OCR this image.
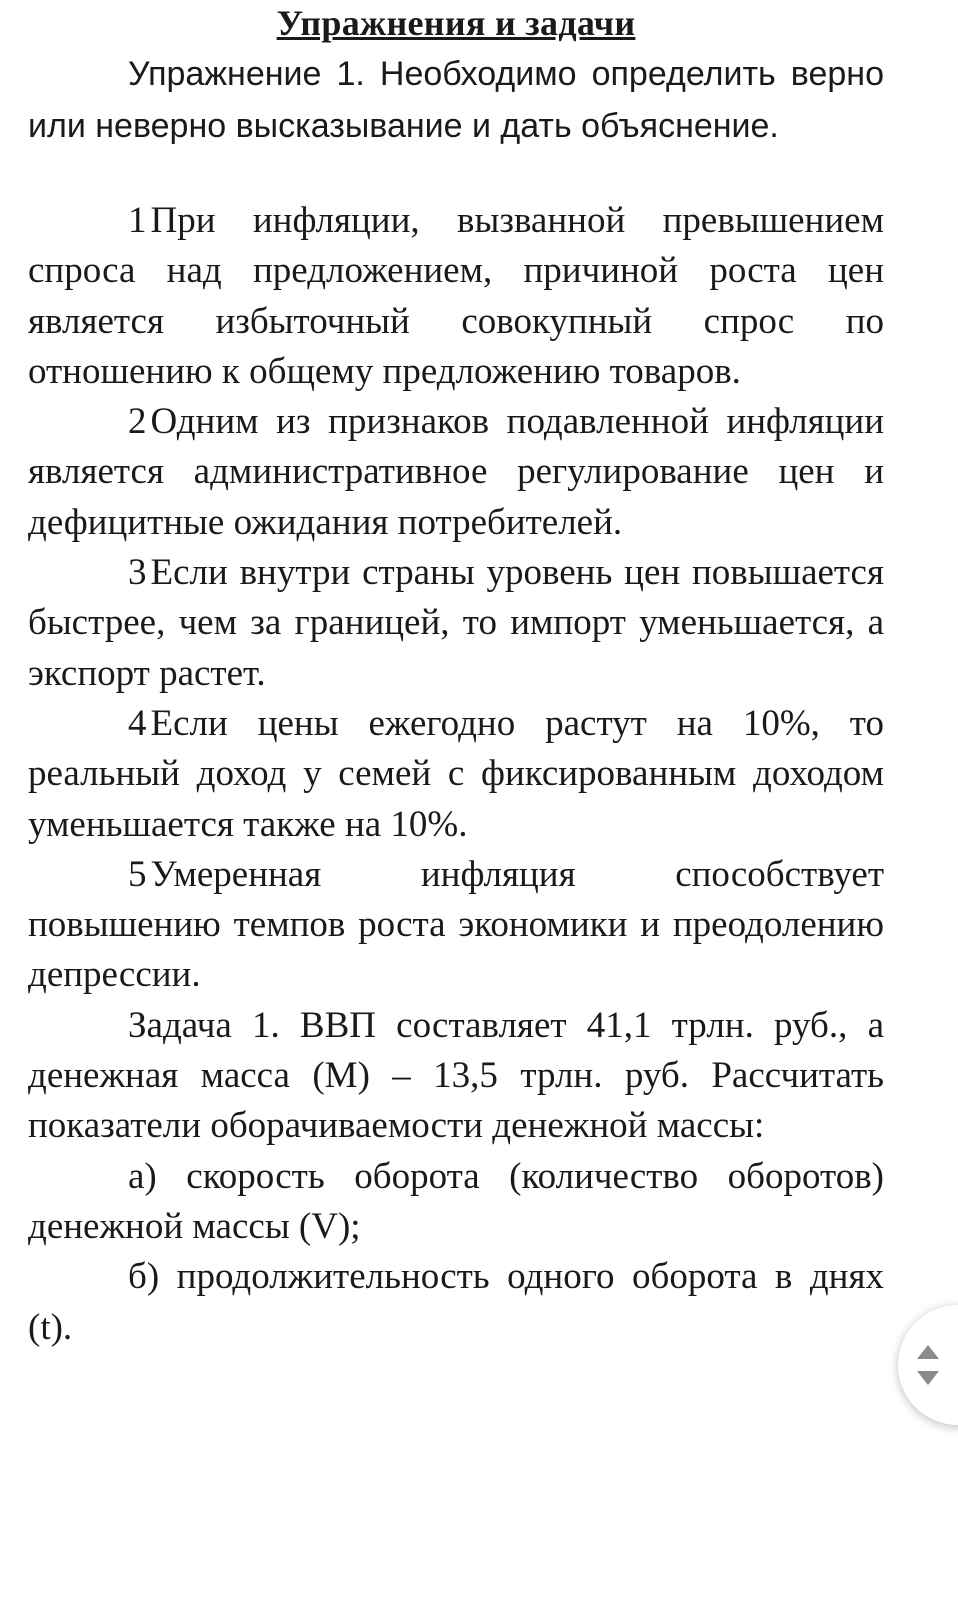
Упражнения и задачи

Упражнение 1. Необходимо определить верно или неверно высказывание и дать объяснение.

1 При инфляции, вызванной превышением спроса над предложением, причиной роста цен является избыточный совокупный спрос по отношению к общему предложению товаров.

2 Одним из признаков подавленной инфляции является административное регулирование цен и дефицитные ожидания потребителей.

3 Если внутри страны уровень цен повышается быстрее, чем за границей, то импорт уменьшается, а экспорт растет.

4 Если цены ежегодно растут на 10%, то реальный доход у семей с фиксированным доходом уменьшается также на 10%.

5 Умеренная инфляция способствует повышению темпов роста экономики и преодолению депрессии.

Задача 1. ВВП составляет 41,1 трлн. руб., а денежная масса (М) – 13,5 трлн. руб. Рассчитать показатели оборачиваемости денежной массы:

а) скорость оборота (количество оборотов) денежной массы (V);

б) продолжительность одного оборота в днях (t).
